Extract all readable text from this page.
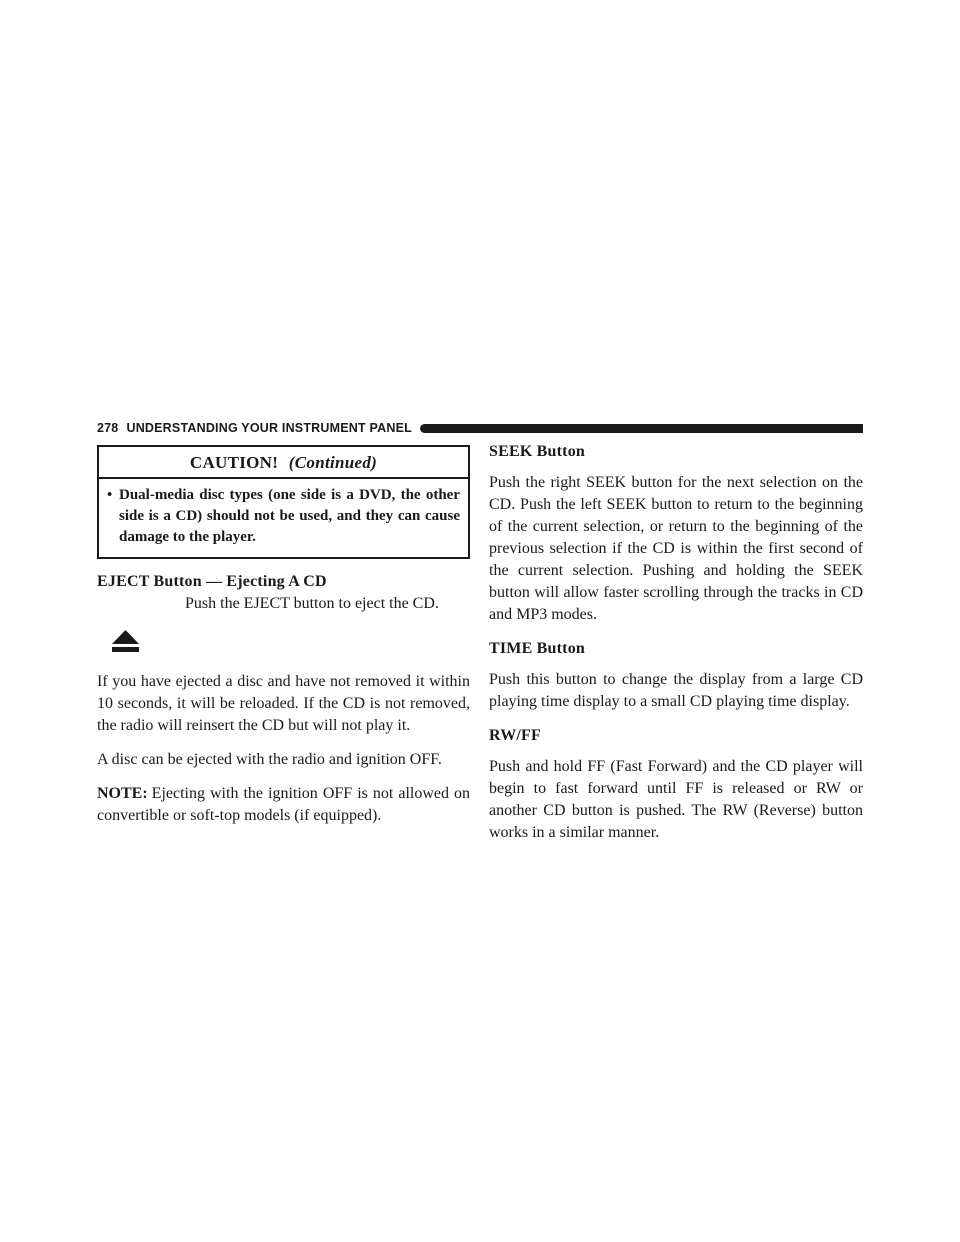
278 UNDERSTANDING YOUR INSTRUMENT PANEL
CAUTION! (Continued)
• Dual-media disc types (one side is a DVD, the other side is a CD) should not be used, and they can cause damage to the player.
EJECT Button — Ejecting A CD
Push the EJECT button to eject the CD.

If you have ejected a disc and have not removed it within 10 seconds, it will be reloaded. If the CD is not removed, the radio will reinsert the CD but will not play it.

A disc can be ejected with the radio and ignition OFF.

NOTE: Ejecting with the ignition OFF is not allowed on convertible or soft-top models (if equipped).

SEEK Button

Push the right SEEK button for the next selection on the CD. Push the left SEEK button to return to the beginning of the current selection, or return to the beginning of the previous selection if the CD is within the first second of the current selection. Pushing and holding the SEEK button will allow faster scrolling through the tracks in CD and MP3 modes.

TIME Button

Push this button to change the display from a large CD playing time display to a small CD playing time display.

RW/FF

Push and hold FF (Fast Forward) and the CD player will begin to fast forward until FF is released or RW or another CD button is pushed. The RW (Reverse) button works in a similar manner.
